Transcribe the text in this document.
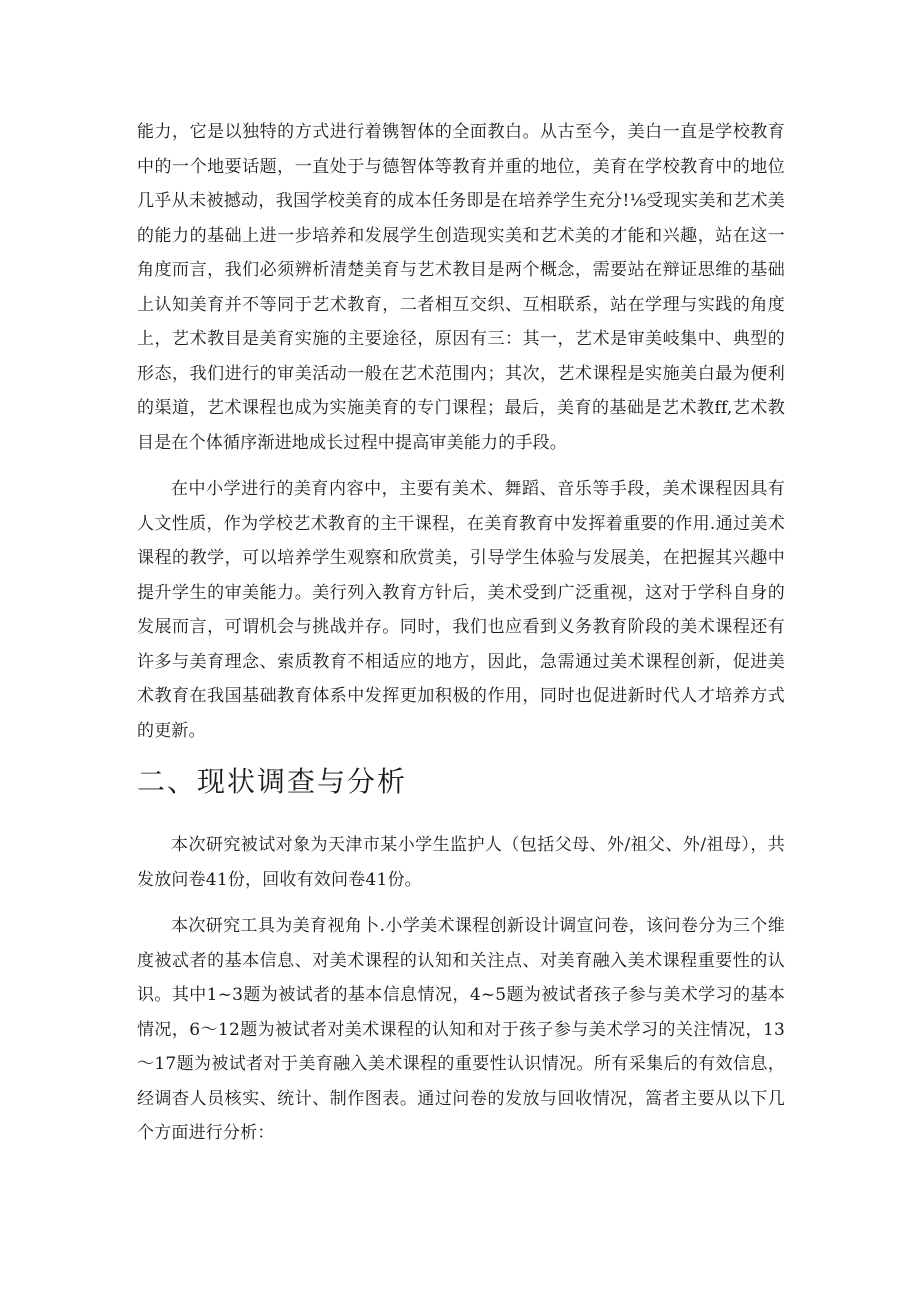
能力，它是以独特的方式进行着镌智体的全面教白。从古至今，美白一直是学校教育中的一个地要话题，一直处于与德智体等教育并重的地位，美育在学校教育中的地位几乎从未被撼动，我国学校美育的成本任务即是在培养学生充分!⅛受现实美和艺术美的能力的基础上进一步培养和发展学生创造现实美和艺术美的才能和兴趣，站在这一角度而言，我们必须辨析清楚美育与艺术教目是两个概念，需要站在辩证思维的基础上认知美育并不等同于艺术教育，二者相互交织、互相联系，站在学理与实践的角度上，艺术教目是美育实施的主要途径，原因有三：其一，艺术是审美岐集中、典型的形态，我们进行的审美活动一般在艺术范围内；其次，艺术课程是实施美白最为便利的渠道，艺术课程也成为实施美育的专门课程；最后，美育的基础是艺术教ff,艺术教目是在个体循序渐进地成长过程中提高审美能力的手段。

在中小学进行的美育内容中，主要有美术、舞蹈、音乐等手段，美术课程因具有人文性质，作为学校艺术教育的主干课程，在美育教育中发挥着重要的作用.通过美术课程的教学，可以培养学生观察和欣赏美，引导学生体验与发展美，在把握其兴趣中提升学生的审美能力。美行列入教育方针后，美术受到广泛重视，这对于学科自身的发展而言，可谓机会与挑战并存。同时，我们也应看到义务教育阶段的美术课程还有许多与美育理念、索质教育不相适应的地方，因此，急需通过美术课程创新，促进美术教育在我国基础教育体系中发挥更加积极的作用，同时也促进新时代人才培养方式的更新。

二、现状调查与分析

本次研究被试对象为天津市某小学生监护人（包括父母、外/祖父、外/祖母），共发放问卷41份，回收有效问卷41份。

本次研究工具为美育视角卜.小学美术课程创新设计调宣问卷，该问卷分为三个维度被忒者的基本信息、对美术课程的认知和关注点、对美育融入美术课程重要性的认识。其中1~3题为被试者的基本信息情况，4~5题为被试者孩子参与美术学习的基本情况，6～12题为被试者对美术课程的认知和对于孩子参与美术学习的关注情况，13～17题为被试者对于美育融入美术课程的重要性认识情况。所有采集后的有效信息，经调杳人员核实、统计、制作图表。通过问卷的发放与回收情况，篙者主要从以下几个方面进行分析：
